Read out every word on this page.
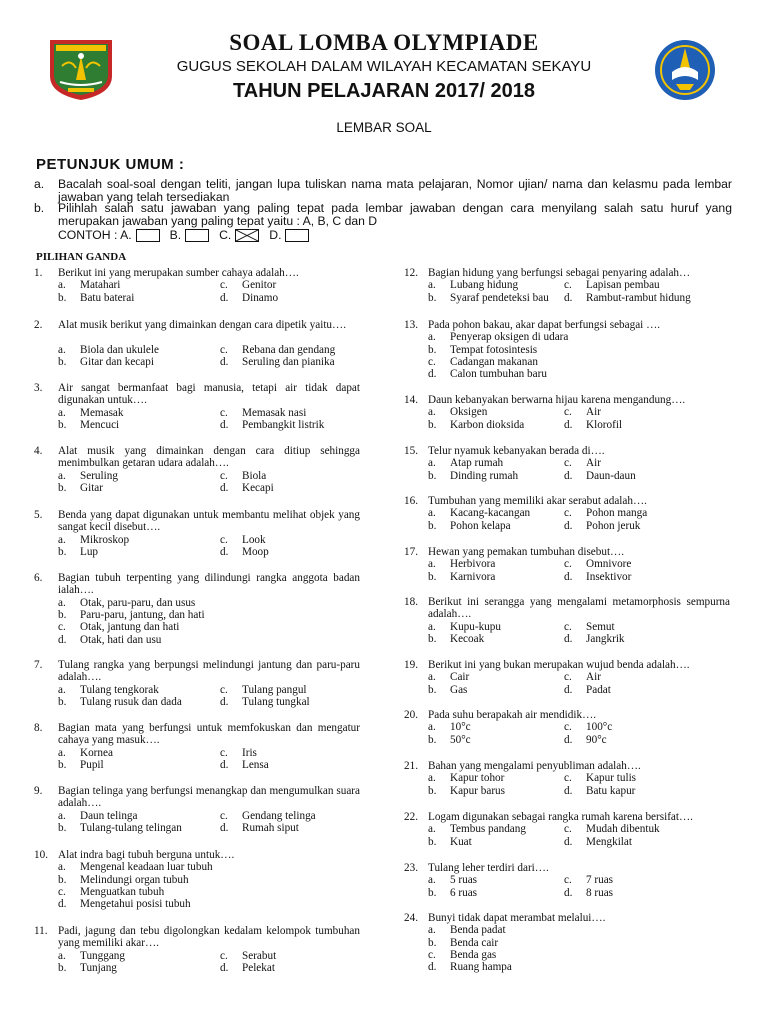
SOAL LOMBA OLYMPIADE
GUGUS SEKOLAH DALAM WILAYAH KECAMATAN SEKAYU
TAHUN PELAJARAN 2017/ 2018
LEMBAR SOAL
PETUNJUK UMUM :
a. Bacalah soal-soal dengan teliti, jangan lupa tuliskan nama mata pelajaran, Nomor ujian/ nama dan kelasmu pada lembar jawaban yang telah tersediakan
b. Pilihlah salah satu jawaban yang paling tepat pada lembar jawaban dengan cara menyilang salah satu huruf yang merupakan jawaban yang paling tepat yaitu : A, B, C dan D
CONTOH : A.	B.	C.	D.
PILIHAN GANDA
1. Berikut ini yang merupakan sumber cahaya adalah….
a. Matahari
b. Batu baterai
c. Genitor
d. Dinamo
2. Alat musik berikut yang dimainkan dengan cara dipetik yaitu….
a. Biola dan ukulele
b. Gitar dan kecapi
c. Rebana dan gendang
d. Seruling dan pianika
3. Air sangat bermanfaat bagi manusia, tetapi air tidak dapat digunakan untuk….
a. Memasak
b. Mencuci
c. Memasak nasi
d. Pembangkit listrik
4. Alat musik yang dimainkan dengan cara ditiup sehingga menimbulkan getaran udara adalah….
a. Seruling
b. Gitar
c. Biola
d. Kecapi
5. Benda yang dapat digunakan untuk membantu melihat objek yang sangat kecil disebut….
a. Mikroskop
b. Lup
c. Look
d. Moop
6. Bagian tubuh terpenting yang dilindungi rangka anggota badan ialah….
a. Otak, paru-paru, dan usus
b. Paru-paru, jantung, dan hati
c. Otak, jantung dan hati
d. Otak, hati dan usu
7. Tulang rangka yang berpungsi melindungi jantung dan paru-paru adalah….
a. Tulang tengkorak
b. Tulang rusuk dan dada
c. Tulang pangul
d. Tulang tungkal
8. Bagian mata yang berfungsi untuk memfokuskan dan mengatur cahaya yang masuk….
a. Kornea
b. Pupil
c. Iris
d. Lensa
9. Bagian telinga yang berfungsi menangkap dan mengumulkan suara adalah….
a. Daun telinga
b. Tulang-tulang telingan
c. Gendang telinga
d. Rumah siput
10. Alat indra bagi tubuh berguna untuk….
a. Mengenal keadaan luar tubuh
b. Melindungi organ tubuh
c. Menguatkan tubuh
d. Mengetahui posisi tubuh
11. Padi, jagung dan tebu digolongkan kedalam kelompok tumbuhan yang memiliki akar….
a. Tunggang
b. Tunjang
c. Serabut
d. Pelekat
12. Bagian hidung yang berfungsi sebagai penyaring adalah…
a. Lubang hidung
b. Syaraf pendeteksi bau
c. Lapisan pembau
d. Rambut-rambut hidung
13. Pada pohon bakau, akar dapat berfungsi sebagai ….
a. Penyerap oksigen di udara
b. Tempat fotosintesis
c. Cadangan makanan
d. Calon tumbuhan baru
14. Daun kebanyakan berwarna hijau karena mengandung….
a. Oksigen
b. Karbon dioksida
c. Air
d. Klorofil
15. Telur nyamuk kebanyakan berada di….
a. Atap rumah
b. Dinding rumah
c. Air
d. Daun-daun
16. Tumbuhan yang memiliki akar serabut adalah….
a. Kacang-kacangan
b. Pohon kelapa
c. Pohon manga
d. Pohon jeruk
17. Hewan yang pemakan tumbuhan disebut….
a. Herbivora
b. Karnivora
c. Omnivore
d. Insektivor
18. Berikut ini serangga yang mengalami metamorphosis sempurna adalah….
a. Kupu-kupu
b. Kecoak
c. Semut
d. Jangkrik
19. Berikut ini yang bukan merupakan wujud benda adalah….
a. Cair
b. Gas
c. Air
d. Padat
20. Pada suhu berapakah air mendidik….
a. 10°c
b. 50°c
c. 100°c
d. 90°c
21. Bahan yang mengalami penyubliman adalah….
a. Kapur tohor
b. Kapur barus
c. Kapur tulis
d. Batu kapur
22. Logam digunakan sebagai rangka rumah karena bersifat….
a. Tembus pandang
b. Kuat
c. Mudah dibentuk
d. Mengkilat
23. Tulang leher terdiri dari….
a. 5 ruas
b. 6 ruas
c. 7 ruas
d. 8 ruas
24. Bunyi tidak dapat merambat melalui….
a. Benda padat
b. Benda cair
c. Benda gas
d. Ruang hampa
